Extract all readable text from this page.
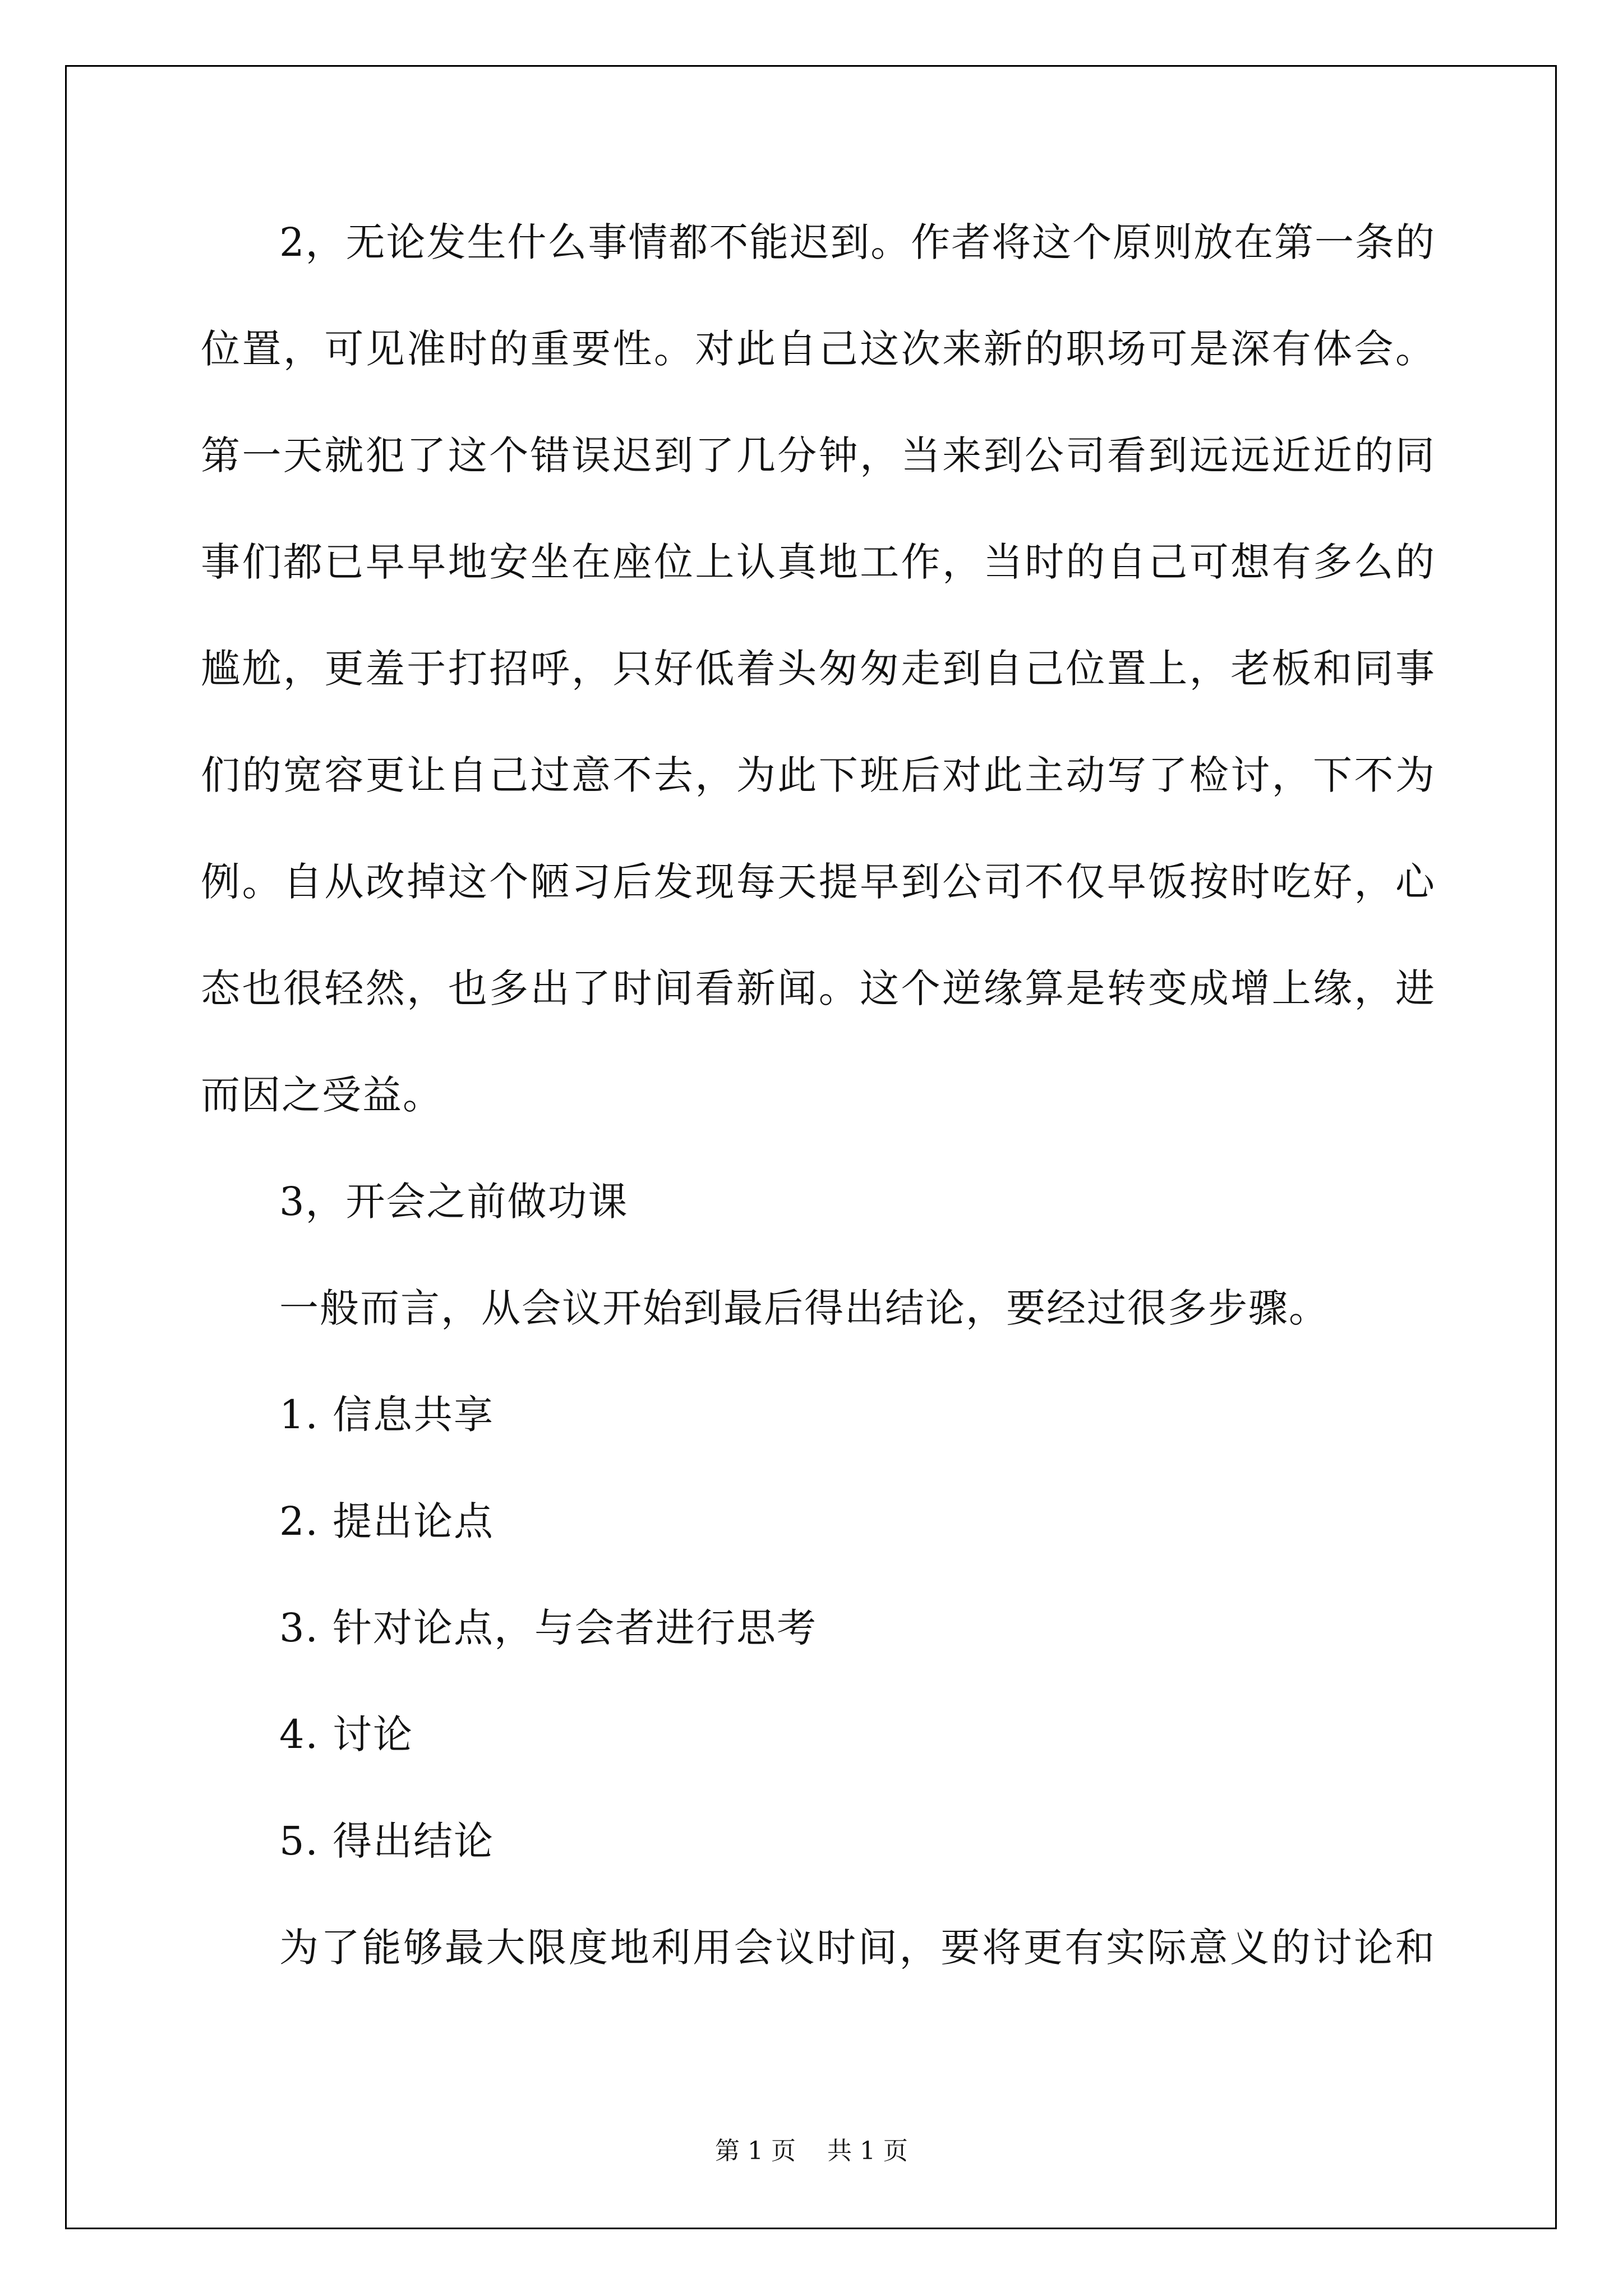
2，无论发生什么事情都不能迟到。作者将这个原则放在第一条的
位置，可见准时的重要性。对此自己这次来新的职场可是深有体会。
第一天就犯了这个错误迟到了几分钟，当来到公司看到远远近近的同
事们都已早早地安坐在座位上认真地工作，当时的自己可想有多么的
尴尬，更羞于打招呼，只好低着头匆匆走到自己位置上，老板和同事
们的宽容更让自己过意不去，为此下班后对此主动写了检讨，下不为
例。自从改掉这个陋习后发现每天提早到公司不仅早饭按时吃好，心
态也很轻然，也多出了时间看新闻。这个逆缘算是转变成增上缘，进
而因之受益。
3，开会之前做功课
一般而言，从会议开始到最后得出结论，要经过很多步骤。
1. 信息共享
2. 提出论点
3. 针对论点，与会者进行思考
4. 讨论
5. 得出结论
为了能够最大限度地利用会议时间，要将更有实际意义的讨论和
第 1 页    共 1 页
